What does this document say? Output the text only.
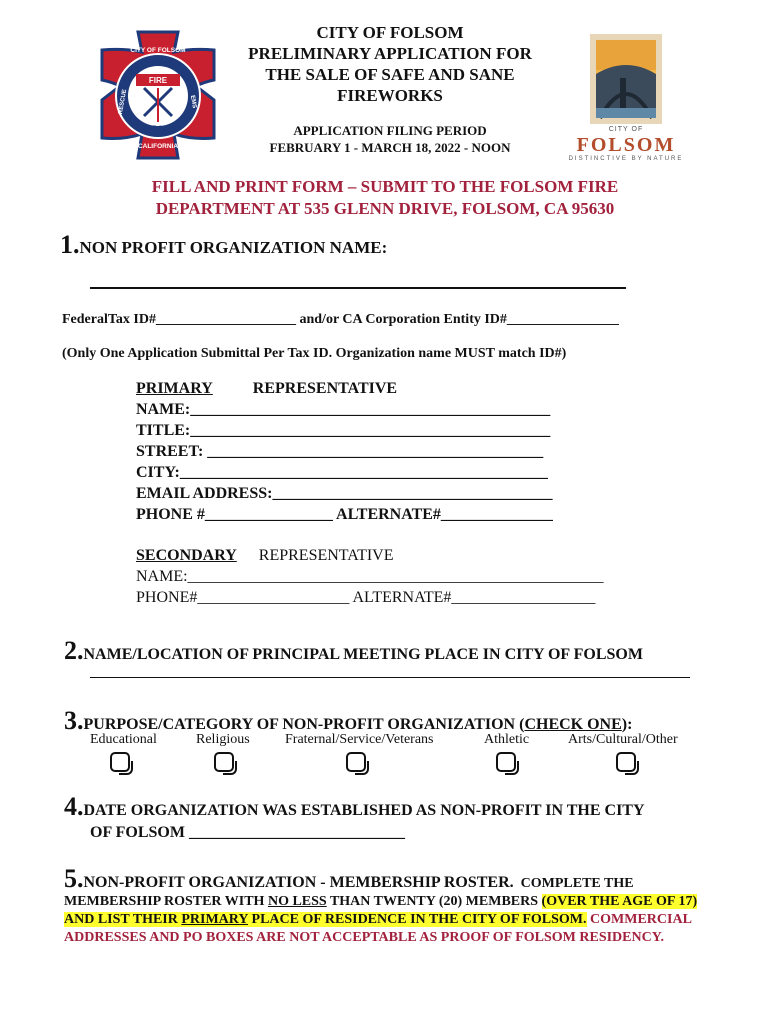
CITY OF FOLSOM
PRELIMINARY APPLICATION FOR
THE SALE OF SAFE AND SANE
FIREWORKS
APPLICATION FILING PERIOD
FEBRUARY 1 - MARCH 18, 2022 - NOON
FIRE
CITY OF FOLSOM
RESCUE	EMS
EST. 1867
CALIFORNIA
CITY OF
FOLSOM
DISTINCTIVE BY NATURE
FILL AND PRINT FORM – SUBMIT TO THE FOLSOM FIRE
DEPARTMENT AT 535 GLENN DRIVE, FOLSOM, CA 95630
1.NON PROFIT ORGANIZATION NAME:
FederalTax ID#____________________ and/or CA Corporation Entity ID#________________
(Only One Application Submittal Per Tax ID. Organization name MUST match ID#)
PRIMARY	REPRESENTATIVE
NAME:_____________________________________________
TITLE:_____________________________________________
STREET: __________________________________________
CITY:______________________________________________
EMAIL ADDRESS:___________________________________
PHONE #________________ ALTERNATE#______________
SECONDARY REPRESENTATIVE
NAME:____________________________________________________
PHONE#___________________ ALTERNATE#__________________
2.NAME/LOCATION OF PRINCIPAL MEETING PLACE IN CITY OF FOLSOM
3.PURPOSE/CATEGORY OF NON-PROFIT ORGANIZATION (CHECK ONE):
Educational	Religious	Fraternal/Service/Veterans	Athletic	Arts/Cultural/Other
4.DATE ORGANIZATION WAS ESTABLISHED AS NON-PROFIT IN THE CITY
OF FOLSOM ___________________________
5.NON-PROFIT ORGANIZATION - MEMBERSHIP ROSTER. COMPLETE THE MEMBERSHIP ROSTER WITH NO LESS THAN TWENTY (20) MEMBERS (OVER THE AGE OF 17) AND LIST THEIR PRIMARY PLACE OF RESIDENCE IN THE CITY OF FOLSOM. COMMERCIAL ADDRESSES AND PO BOXES ARE NOT ACCEPTABLE AS PROOF OF FOLSOM RESIDENCY.
